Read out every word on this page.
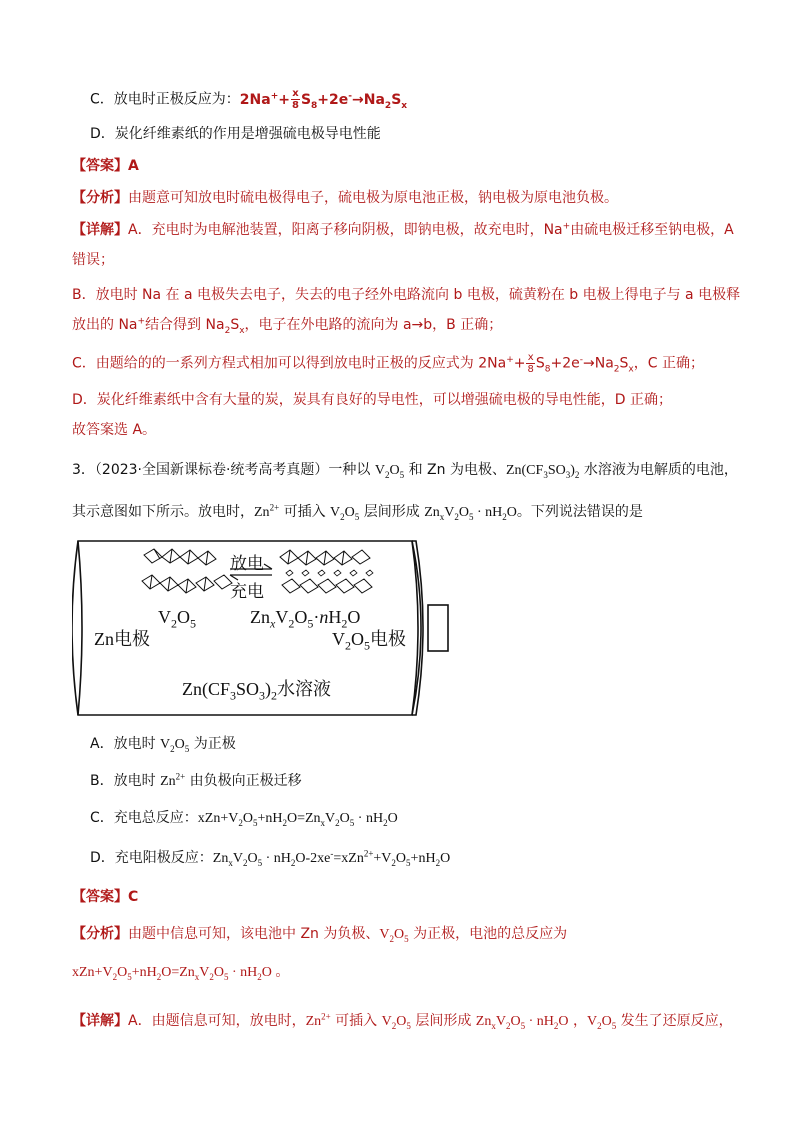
C．放电时正极反应为：$2Na^++ \frac{x}{8} S_8+2e^-\to Na_2S_x$
D．炭化纤维素纸的作用是增强硫电极导电性能
【答案】A
【分析】由题意可知放电时硫电极得电子，硫电极为原电池正极，钠电极为原电池负极。
【详解】A．充电时为电解池装置，阳离子移向阴极，即钠电极，故充电时，Na+由硫电极迁移至钠电极，A
错误；
B．放电时 Na 在 a 电极失去电子，失去的电子经外电路流向 b 电极，硫黄粉在 b 电极上得电子与 a 电极释
放出的 Na+结合得到 $Na_2S_x$，电子在外电路的流向为 a→b，B 正确；
C．由题给的的一系列方程式相加可以得到放电时正极的反应式为 $2Na^++ \frac{x}{8} S_8+2e^-\to Na_2S_x$，C 正确；
D．炭化纤维素纸中含有大量的炭，炭具有良好的导电性，可以增强硫电极的导电性能，D 正确；
故答案选 A。
3．（2023·全国新课标卷·统考高考真题）一种以 $V_2O_5$ 和 Zn 为电极、$Zn(CF_3SO_3)_2$ 水溶液为电解质的电池，
其示意图如下所示。放电时，$Zn^{2+}$ 可插入 $V_2O_5$ 层间形成 $Zn_xV_2O_5 \cdot nH_2O$。下列说法错误的是
放电
充电
$V_2O_5$	$Zn_xV_2O_5\cdot nH_2O$
Zn电极	$V_2O_5$电极
$Zn(CF_3SO_3)_2$水溶液
A．放电时 $V_2O_5$ 为正极
B．放电时 $Zn^{2+}$ 由负极向正极迁移
C．充电总反应：$xZn+V_2O_5+nH_2O=Zn_xV_2O_5 \cdot nH_2O$
D．充电阳极反应：$Zn_xV_2O_5 \cdot nH_2O-2xe^-=xZn^{2+}+V_2O_5+nH_2O$
【答案】C
【分析】由题中信息可知，该电池中 Zn 为负极、$V_2O_5$ 为正极，电池的总反应为
$xZn+V_2O_5+nH_2O=Zn_xV_2O_5 \cdot nH_2O$ 。
【详解】A．由题信息可知，放电时，$Zn^{2+}$ 可插入 $V_2O_5$ 层间形成 $Zn_xV_2O_5 \cdot nH_2O$ ，$V_2O_5$ 发生了还原反应，
